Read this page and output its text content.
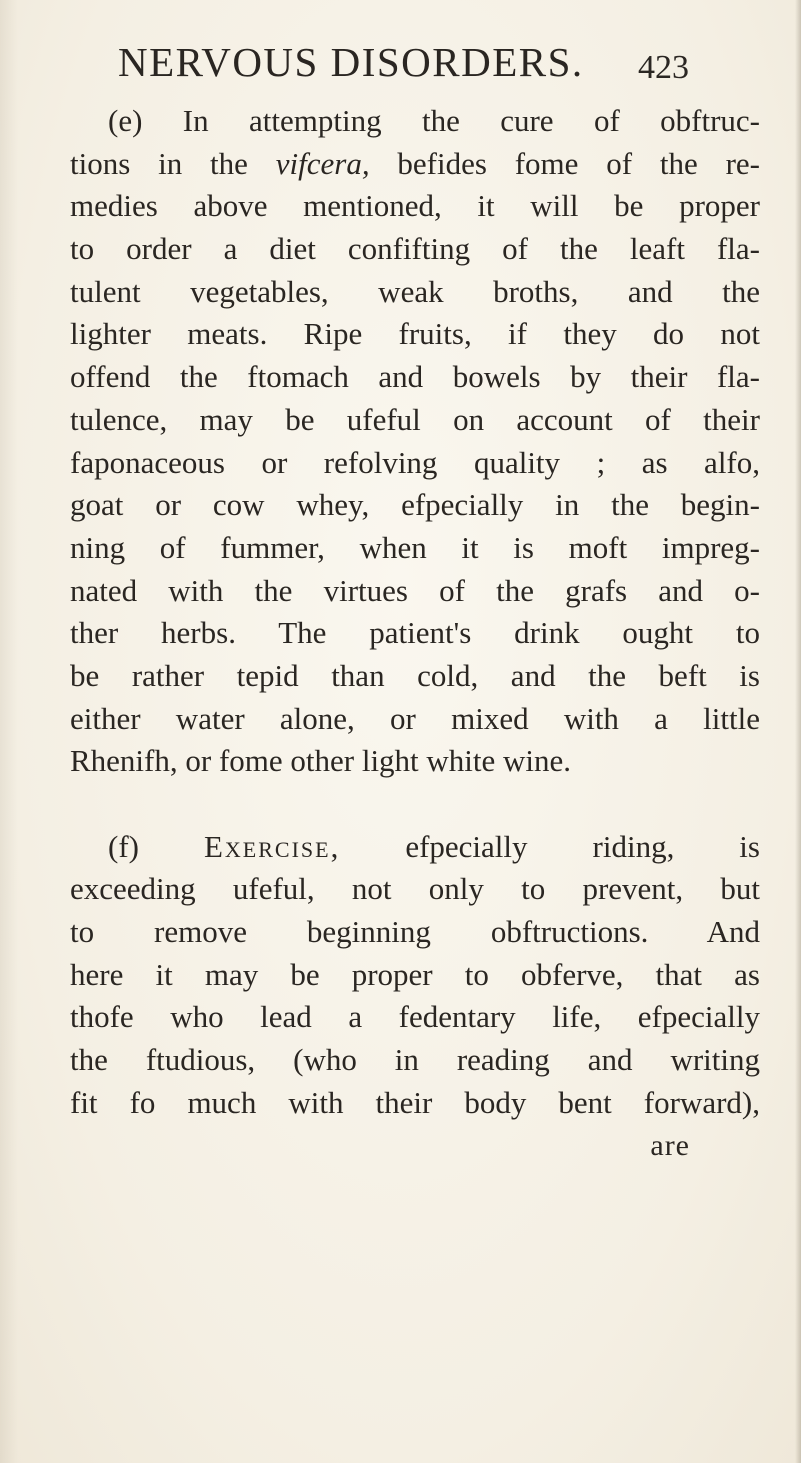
NERVOUS DISORDERS. 423
(e) In attempting the cure of obftruc-
tions in the vifcera, befides fome of the re-
medies above mentioned, it will be proper
to order a diet confifting of the leaft fla-
tulent vegetables, weak broths, and the
lighter meats. Ripe fruits, if they do not
offend the ftomach and bowels by their fla-
tulence, may be ufeful on account of their
faponaceous or refolving quality ; as alfo,
goat or cow whey, efpecially in the begin-
ning of fummer, when it is moft impreg-
nated with the virtues of the grafs and o-
ther herbs. The patient's drink ought to
be rather tepid than cold, and the beft is
either water alone, or mixed with a little
Rhenifh, or fome other light white wine.
(f) Exercise, efpecially riding, is
exceeding ufeful, not only to prevent, but
to remove beginning obftructions. And
here it may be proper to obferve, that as
thofe who lead a fedentary life, efpecially
the ftudious, (who in reading and writing
fit fo much with their body bent forward),
are
